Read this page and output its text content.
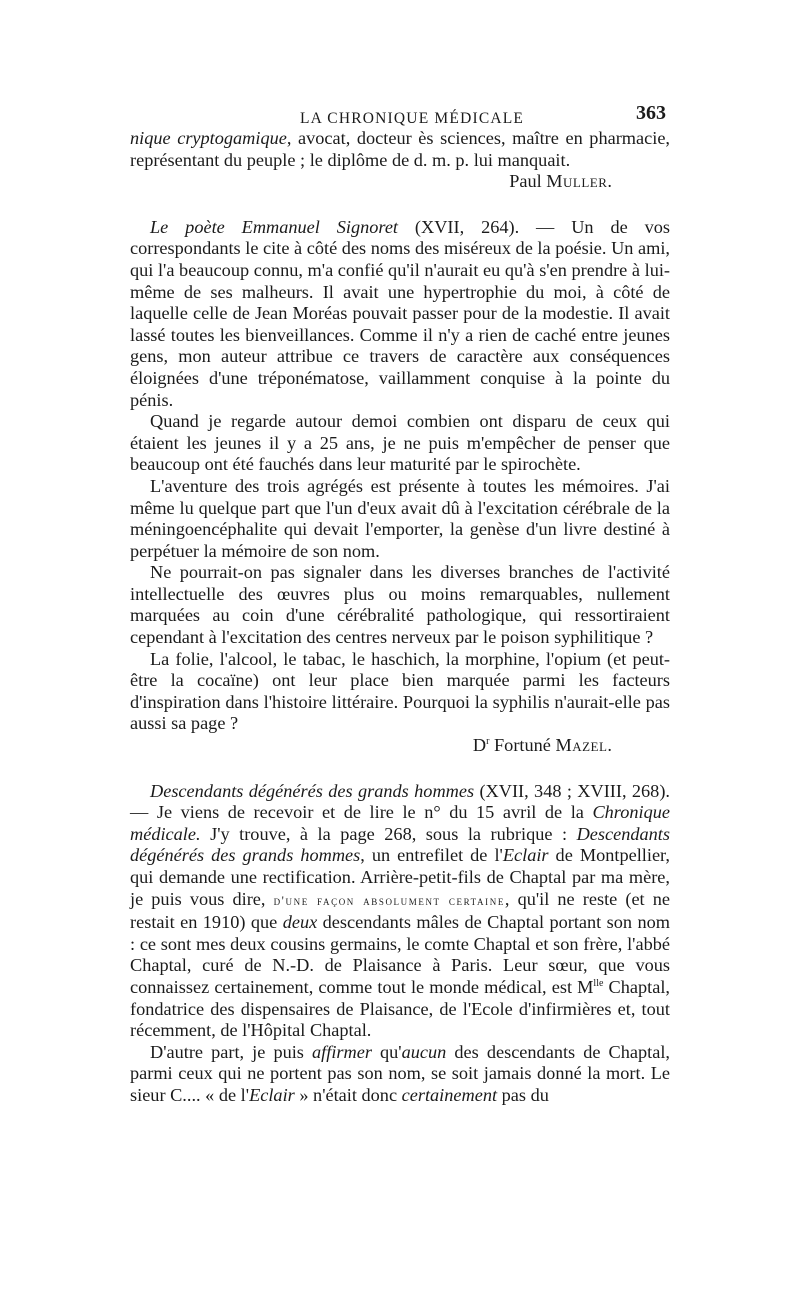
LA CHRONIQUE MÉDICALE	363

nique cryptogamique, avocat, docteur ès sciences, maître en pharmacie, représentant du peuple ; le diplôme de d. m. p. lui manquait.

Paul Muller.

Le poète Emmanuel Signoret (XVII, 264). — Un de vos correspondants le cite à côté des noms des miséreux de la poésie. Un ami, qui l'a beaucoup connu, m'a confié qu'il n'aurait eu qu'à s'en prendre à lui-même de ses malheurs. Il avait une hypertrophie du moi, à côté de laquelle celle de Jean Moréas pouvait passer pour de la modestie. Il avait lassé toutes les bienveillances. Comme il n'y a rien de caché entre jeunes gens, mon auteur attribue ce travers de caractère aux conséquences éloignées d'une tréponématose, vaillamment conquise à la pointe du pénis.

Quand je regarde autour demoi combien ont disparu de ceux qui étaient les jeunes il y a 25 ans, je ne puis m'empêcher de penser que beaucoup ont été fauchés dans leur maturité par le spirochète.

L'aventure des trois agrégés est présente à toutes les mémoires. J'ai même lu quelque part que l'un d'eux avait dû à l'excitation cérébrale de la méningoencéphalite qui devait l'emporter, la genèse d'un livre destiné à perpétuer la mémoire de son nom.

Ne pourrait-on pas signaler dans les diverses branches de l'activité intellectuelle des œuvres plus ou moins remarquables, nullement marquées au coin d'une cérébralité pathologique, qui ressortiraient cependant à l'excitation des centres nerveux par le poison syphilitique ?

La folie, l'alcool, le tabac, le haschich, la morphine, l'opium (et peut-être la cocaïne) ont leur place bien marquée parmi les facteurs d'inspiration dans l'histoire littéraire. Pourquoi la syphilis n'aurait-elle pas aussi sa page ?

$D^r$ Fortuné Mazel.

Descendants dégénérés des grands hommes (XVII, 348 ; XVIII, 268). — Je viens de recevoir et de lire le n° du 15 avril de la Chronique médicale. J'y trouve, à la page 268, sous la rubrique : Descendants dégénérés des grands hommes, un entrefilet de l'Eclair de Montpellier, qui demande une rectification. Arrière-petit-fils de Chaptal par ma mère, je puis vous dire, d'une façon absolument certaine, qu'il ne reste (et ne restait en 1910) que deux descendants mâles de Chaptal portant son nom : ce sont mes deux cousins germains, le comte Chaptal et son frère, l'abbé Chaptal, curé de N.-D. de Plaisance à Paris. Leur sœur, que vous connaissez certainement, comme tout le monde médical, est $M^{lle}$ Chaptal, fondatrice des dispensaires de Plaisance, de l'Ecole d'infirmières et, tout récemment, de l'Hôpital Chaptal.

D'autre part, je puis affirmer qu'aucun des descendants de Chaptal, parmi ceux qui ne portent pas son nom, se soit jamais donné la mort. Le sieur C.... « de l'Eclair » n'était donc certainement pas du
